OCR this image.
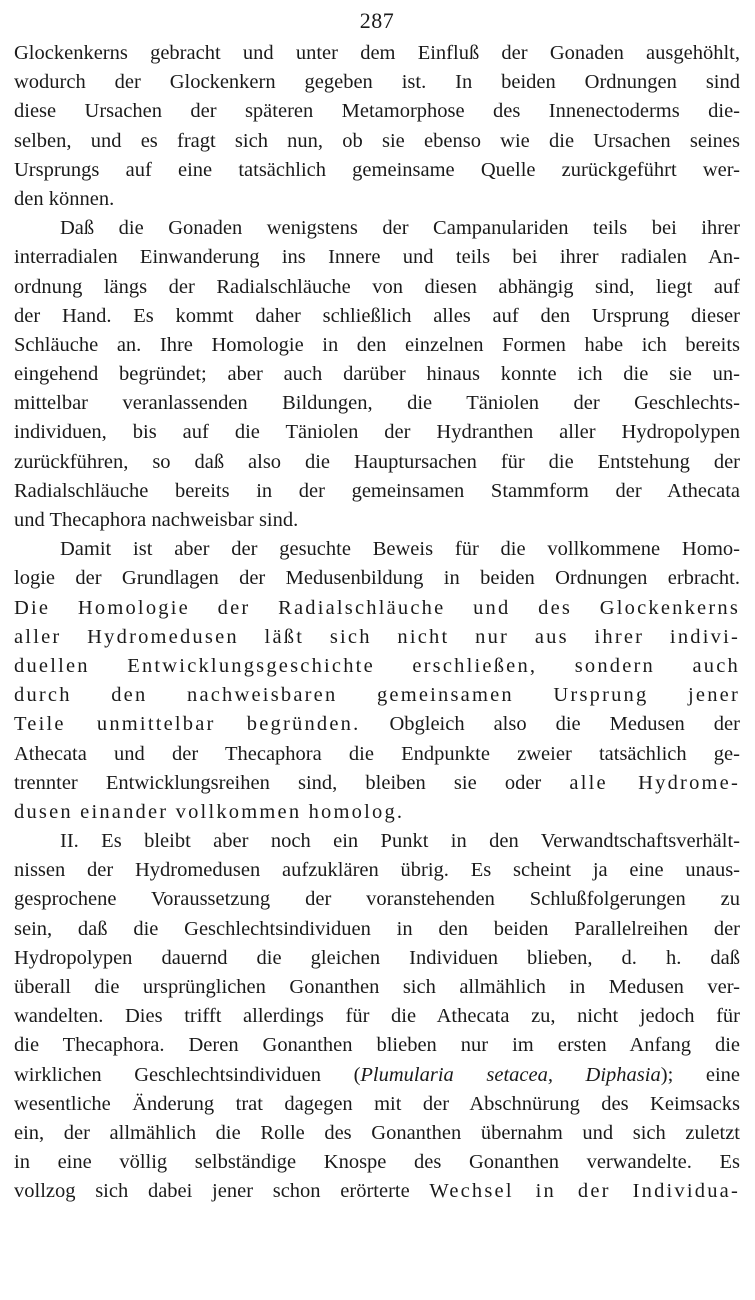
287
Glockenkerns gebracht und unter dem Einfluß der Gonaden ausgehöhlt,
wodurch der Glockenkern gegeben ist. In beiden Ordnungen sind
diese Ursachen der späteren Metamorphose des Innenectoderms die-
selben, und es fragt sich nun, ob sie ebenso wie die Ursachen seines
Ursprungs auf eine tatsächlich gemeinsame Quelle zurückgeführt wer-
den können.
Daß die Gonaden wenigstens der Campanulariden teils bei ihrer
interradialen Einwanderung ins Innere und teils bei ihrer radialen An-
ordnung längs der Radialschläuche von diesen abhängig sind, liegt auf
der Hand. Es kommt daher schließlich alles auf den Ursprung dieser
Schläuche an. Ihre Homologie in den einzelnen Formen habe ich bereits
eingehend begründet; aber auch darüber hinaus konnte ich die sie un-
mittelbar veranlassenden Bildungen, die Täniolen der Geschlechts-
individuen, bis auf die Täniolen der Hydranthen aller Hydropolypen
zurückführen, so daß also die Hauptursachen für die Entstehung der
Radialschläuche bereits in der gemeinsamen Stammform der Athecata
und Thecaphora nachweisbar sind.
Damit ist aber der gesuchte Beweis für die vollkommene Homo-
logie der Grundlagen der Medusenbildung in beiden Ordnungen erbracht.
Die Homologie der Radialschläuche und des Glockenkerns
aller Hydromedusen läßt sich nicht nur aus ihrer indivi-
duellen Entwicklungsgeschichte erschließen, sondern auch
durch den nachweisbaren gemeinsamen Ursprung jener
Teile unmittelbar begründen. Obgleich also die Medusen der
Athecata und der Thecaphora die Endpunkte zweier tatsächlich ge-
trennter Entwicklungsreihen sind, bleiben sie oder alle Hydrome-
dusen einander vollkommen homolog.
II. Es bleibt aber noch ein Punkt in den Verwandtschaftsverhält-
nissen der Hydromedusen aufzuklären übrig. Es scheint ja eine unaus-
gesprochene Voraussetzung der voranstehenden Schlußfolgerungen zu
sein, daß die Geschlechtsindividuen in den beiden Parallelreihen der
Hydropolypen dauernd die gleichen Individuen blieben, d. h. daß
überall die ursprünglichen Gonanthen sich allmählich in Medusen ver-
wandelten. Dies trifft allerdings für die Athecata zu, nicht jedoch für
die Thecaphora. Deren Gonanthen blieben nur im ersten Anfang die
wirklichen Geschlechtsindividuen (Plumularia setacea, Diphasia); eine
wesentliche Änderung trat dagegen mit der Abschnürung des Keimsacks
ein, der allmählich die Rolle des Gonanthen übernahm und sich zuletzt
in eine völlig selbständige Knospe des Gonanthen verwandelte. Es
vollzog sich dabei jener schon erörterte Wechsel in der Individua-
